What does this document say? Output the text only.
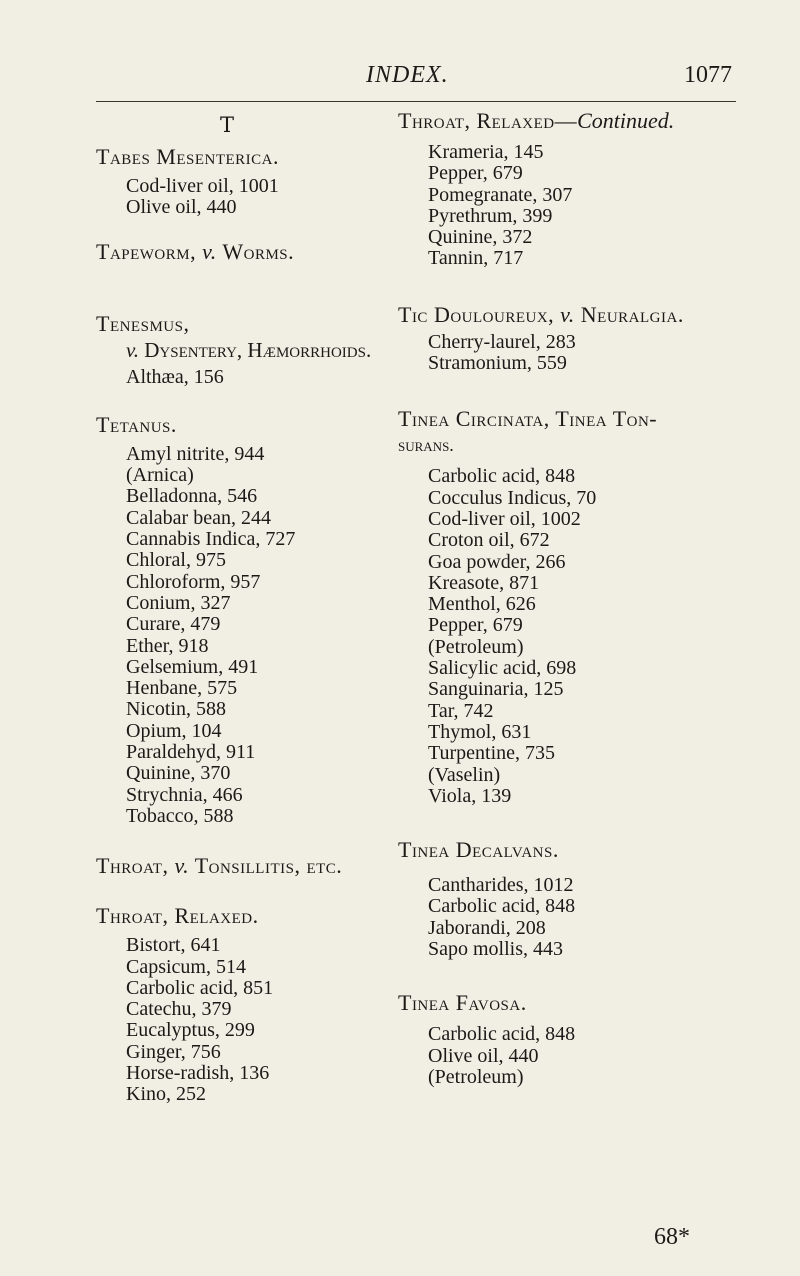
INDEX.	1077
T
Tabes Mesenterica.
Cod-liver oil, 1001
Olive oil, 440
Tapeworm, v. Worms.
Tenesmus,
v. Dysentery, Hæmorrhoids.
Althæa, 156
Tetanus.
Amyl nitrite, 944
(Arnica)
Belladonna, 546
Calabar bean, 244
Cannabis Indica, 727
Chloral, 975
Chloroform, 957
Conium, 327
Curare, 479
Ether, 918
Gelsemium, 491
Henbane, 575
Nicotin, 588
Opium, 104
Paraldehyd, 911
Quinine, 370
Strychnia, 466
Tobacco, 588
Throat, v. Tonsillitis, etc.
Throat, Relaxed.
Bistort, 641
Capsicum, 514
Carbolic acid, 851
Catechu, 379
Eucalyptus, 299
Ginger, 756
Horse-radish, 136
Kino, 252
Throat, Relaxed—Continued.
Krameria, 145
Pepper, 679
Pomegranate, 307
Pyrethrum, 399
Quinine, 372
Tannin, 717
Tic Douloureux, v. Neuralgia.
Cherry-laurel, 283
Stramonium, 559
Tinea Circinata, Tinea Ton-
surans.
Carbolic acid, 848
Cocculus Indicus, 70
Cod-liver oil, 1002
Croton oil, 672
Goa powder, 266
Kreasote, 871
Menthol, 626
Pepper, 679
(Petroleum)
Salicylic acid, 698
Sanguinaria, 125
Tar, 742
Thymol, 631
Turpentine, 735
(Vaselin)
Viola, 139
Tinea Decalvans.
Cantharides, 1012
Carbolic acid, 848
Jaborandi, 208
Sapo mollis, 443
Tinea Favosa.
Carbolic acid, 848
Olive oil, 440
(Petroleum)
68*
